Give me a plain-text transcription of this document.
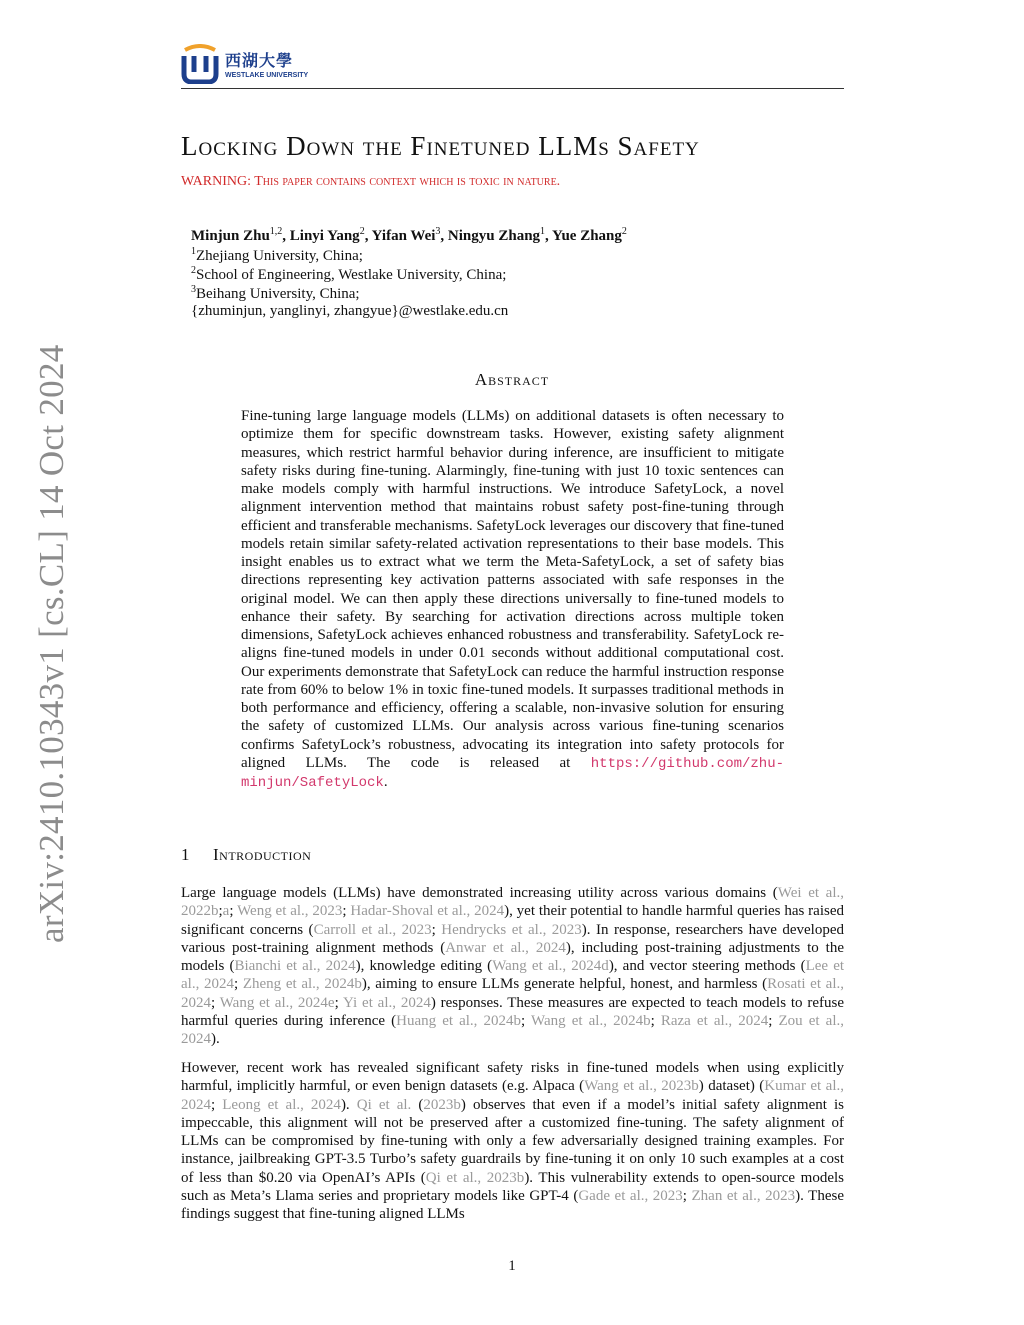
西湖大學
WESTLAKE UNIVERSITY
arXiv:2410.10343v1 [cs.CL] 14 Oct 2024
Locking Down the Finetuned LLMs Safety
WARNING: This paper contains context which is toxic in nature.
Minjun Zhu$^{1,2}$, Linyi Yang$^2$, Yifan Wei$^3$, Ningyu Zhang$^1$, Yue Zhang$^2$
$^1$Zhejiang University, China;
$^2$School of Engineering, Westlake University, China;
$^3$Beihang University, China;
{zhuminjun, yanglinyi, zhangyue}@westlake.edu.cn
Abstract
Fine-tuning large language models (LLMs) on additional datasets is often necessary to optimize them for specific downstream tasks. However, existing safety alignment measures, which restrict harmful behavior during inference, are insufficient to mitigate safety risks during fine-tuning. Alarmingly, fine-tuning with just 10 toxic sentences can make models comply with harmful instructions. We introduce SafetyLock, a novel alignment intervention method that maintains robust safety post-fine-tuning through efficient and transferable mechanisms. SafetyLock leverages our discovery that fine-tuned models retain similar safety-related activation representations to their base models. This insight enables us to extract what we term the Meta-SafetyLock, a set of safety bias directions representing key activation patterns associated with safe responses in the original model. We can then apply these directions universally to fine-tuned models to enhance their safety. By searching for activation directions across multiple token dimensions, SafetyLock achieves enhanced robustness and transferability. SafetyLock re-aligns fine-tuned models in under 0.01 seconds without additional computational cost. Our experiments demonstrate that SafetyLock can reduce the harmful instruction response rate from 60% to below 1% in toxic fine-tuned models. It surpasses traditional methods in both performance and efficiency, offering a scalable, non-invasive solution for ensuring the safety of customized LLMs. Our analysis across various fine-tuning scenarios confirms SafetyLock’s robustness, advocating its integration into safety protocols for aligned LLMs. The code is released at https://github.com/zhu-minjun/SafetyLock.
1 Introduction
Large language models (LLMs) have demonstrated increasing utility across various domains (Wei et al., 2022b;a; Weng et al., 2023; Hadar-Shoval et al., 2024), yet their potential to handle harmful queries has raised significant concerns (Carroll et al., 2023; Hendrycks et al., 2023). In response, researchers have developed various post-training alignment methods (Anwar et al., 2024), including post-training adjustments to the models (Bianchi et al., 2024), knowledge editing (Wang et al., 2024d), and vector steering methods (Lee et al., 2024; Zheng et al., 2024b), aiming to ensure LLMs generate helpful, honest, and harmless (Rosati et al., 2024; Wang et al., 2024e; Yi et al., 2024) responses. These measures are expected to teach models to refuse harmful queries during inference (Huang et al., 2024b; Wang et al., 2024b; Raza et al., 2024; Zou et al., 2024).
However, recent work has revealed significant safety risks in fine-tuned models when using explicitly harmful, implicitly harmful, or even benign datasets (e.g. Alpaca (Wang et al., 2023b) dataset) (Kumar et al., 2024; Leong et al., 2024). Qi et al. (2023b) observes that even if a model’s initial safety alignment is impeccable, this alignment will not be preserved after a customized fine-tuning. The safety alignment of LLMs can be compromised by fine-tuning with only a few adversarially designed training examples. For instance, jailbreaking GPT-3.5 Turbo’s safety guardrails by fine-tuning it on only 10 such examples at a cost of less than $0.20 via OpenAI’s APIs (Qi et al., 2023b). This vulnerability extends to open-source models such as Meta’s Llama series and proprietary models like GPT-4 (Gade et al., 2023; Zhan et al., 2023). These findings suggest that fine-tuning aligned LLMs
1
